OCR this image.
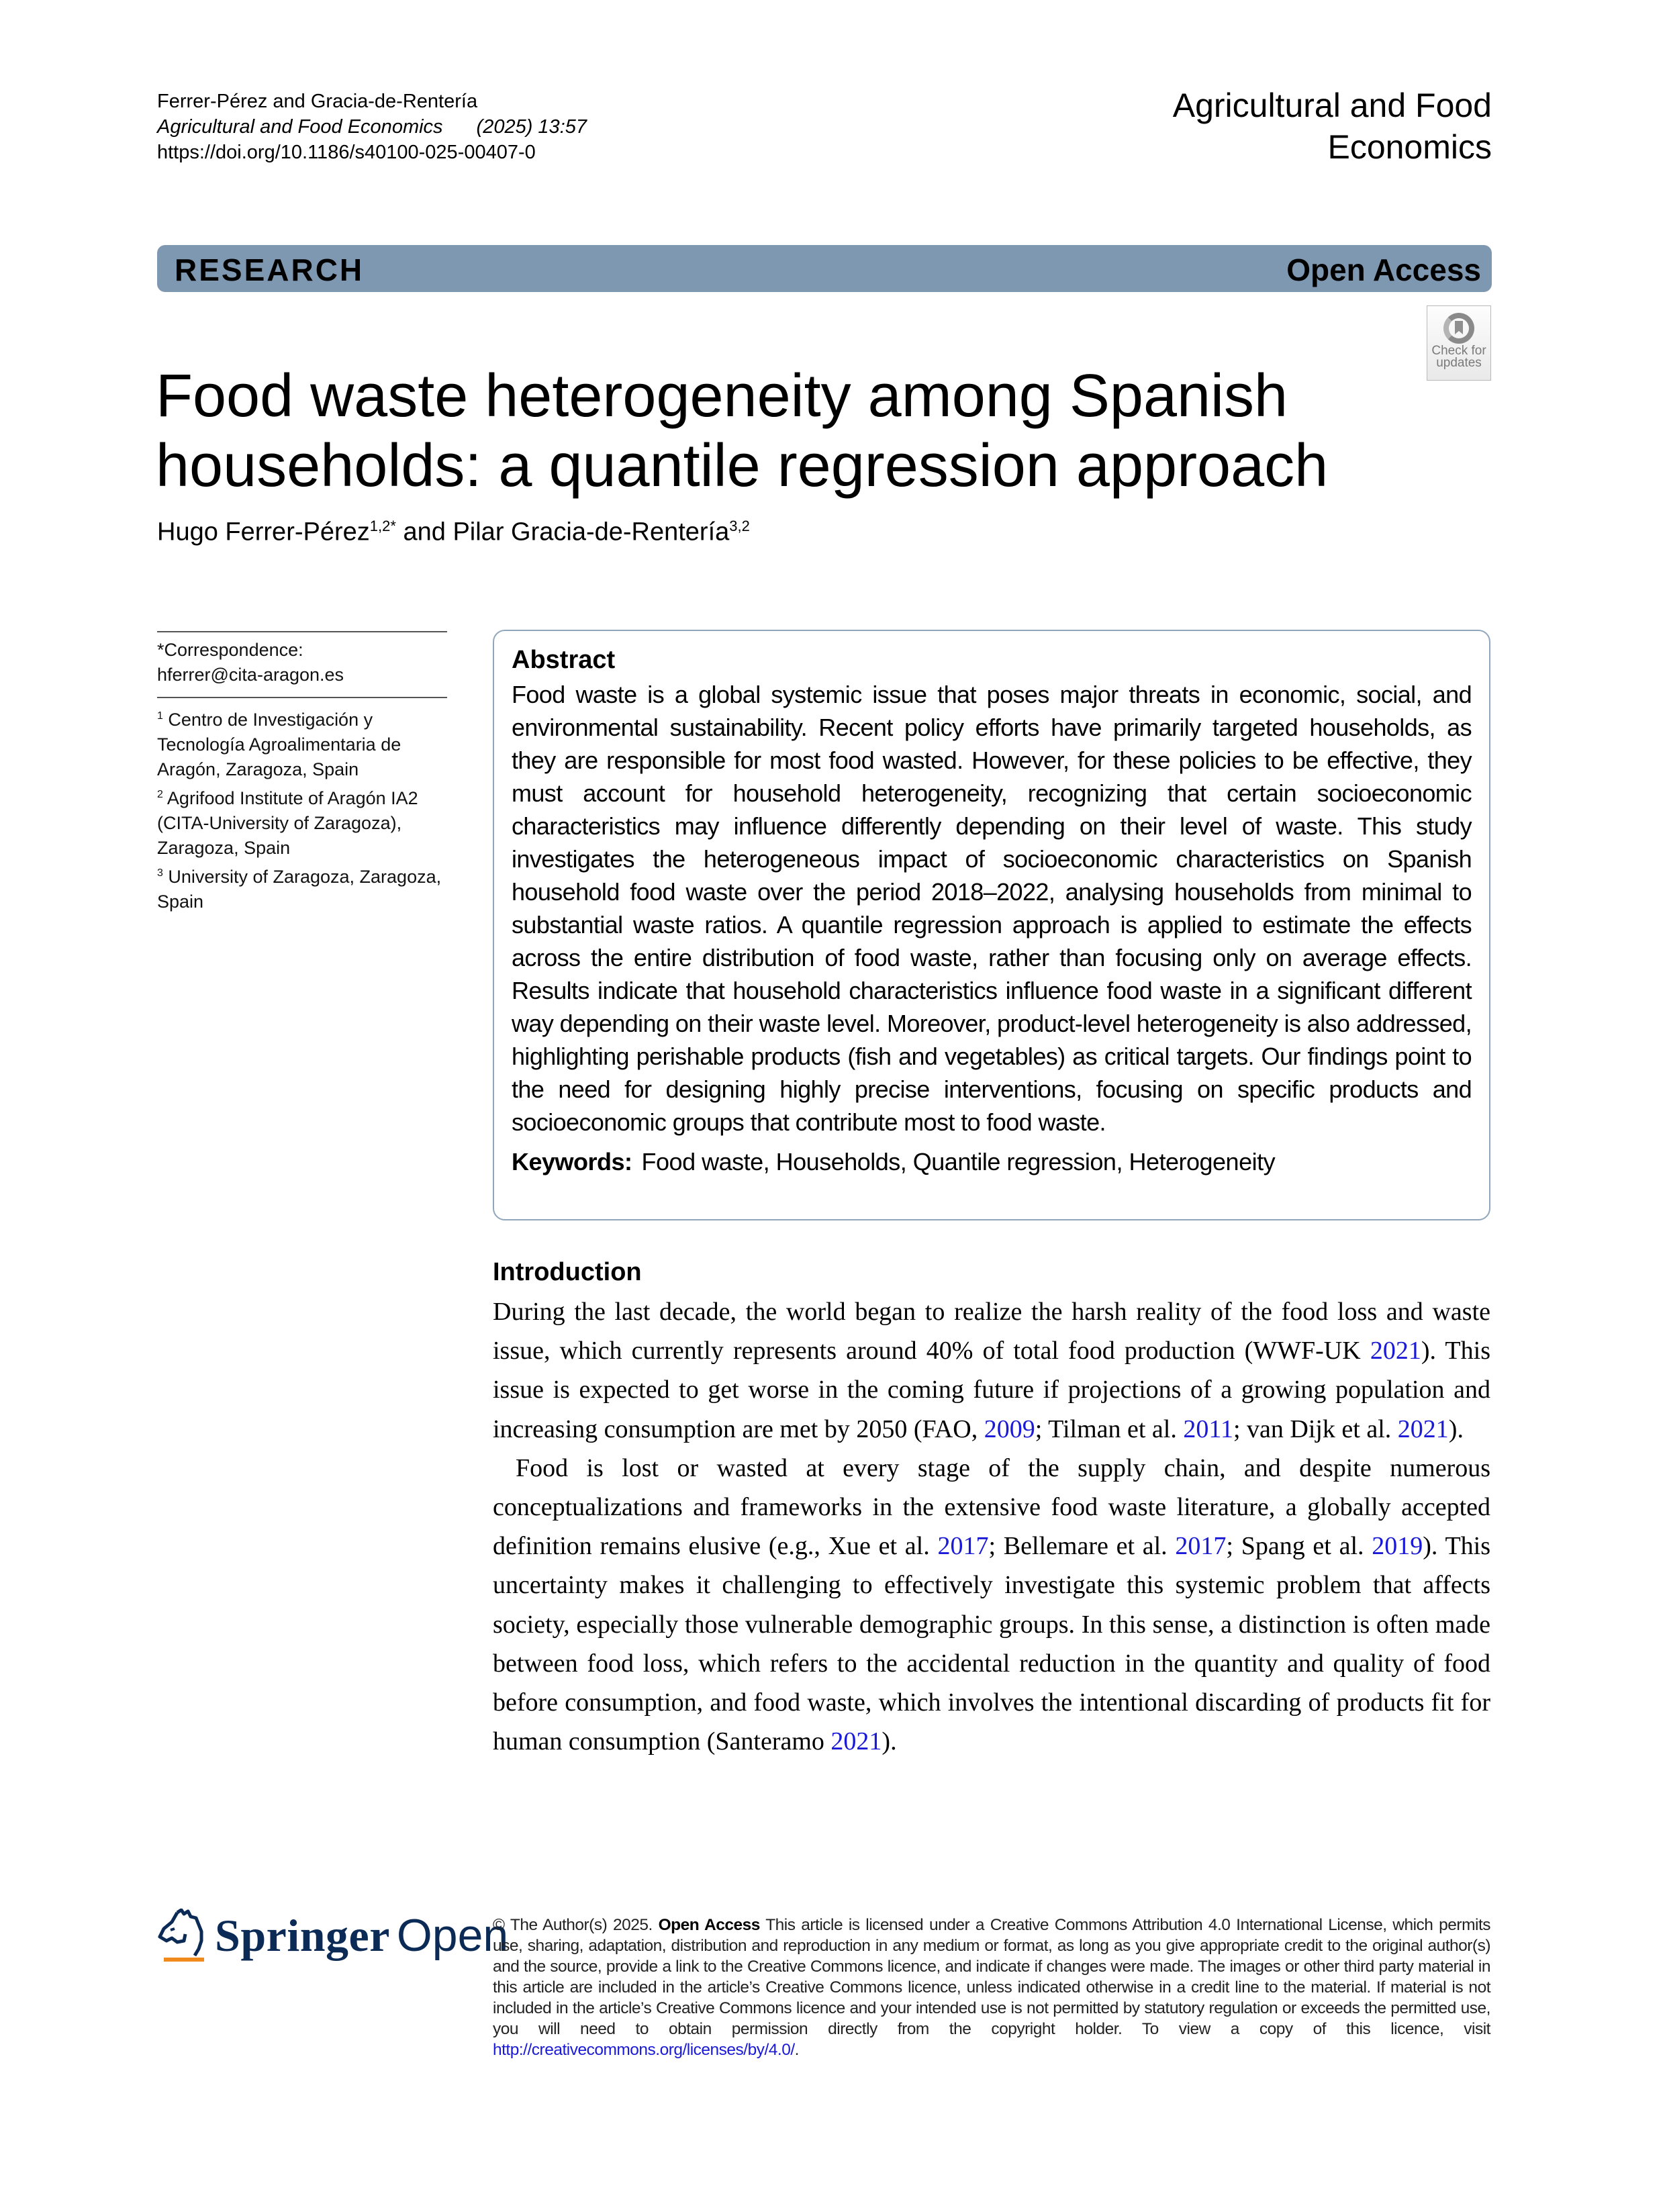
Ferrer-Pérez and Gracia-de-Rentería
Agricultural and Food Economics (2025) 13:57
https://doi.org/10.1186/s40100-025-00407-0
Agricultural and Food
Economics
RESEARCH	Open Access
Food waste heterogeneity among Spanish
households: a quantile regression approach
Check for
updates
Hugo Ferrer-Pérez$^{1,2*}$ and Pilar Gracia-de-Rentería$^{3,2}$
*Correspondence:
hferrer@cita-aragon.es
$^1$ Centro de Investigación y Tecnología Agroalimentaria de Aragón, Zaragoza, Spain
$^2$ Agrifood Institute of Aragón IA2 (CITA-University of Zaragoza), Zaragoza, Spain
$^3$ University of Zaragoza, Zaragoza, Spain
Abstract
Food waste is a global systemic issue that poses major threats in economic, social, and environmental sustainability. Recent policy efforts have primarily targeted households, as they are responsible for most food wasted. However, for these policies to be effective, they must account for household heterogeneity, recognizing that certain socioeconomic characteristics may influence differently depending on their level of waste. This study investigates the heterogeneous impact of socioeconomic characteristics on Spanish household food waste over the period 2018–2022, analysing households from minimal to substantial waste ratios. A quantile regression approach is applied to estimate the effects across the entire distribution of food waste, rather than focusing only on average effects. Results indicate that household characteristics influence food waste in a significant different way depending on their waste level. Moreover, product-level heterogeneity is also addressed, highlighting perishable products (fish and vegetables) as critical targets. Our findings point to the need for designing highly precise interventions, focusing on specific products and socioeconomic groups that contribute most to food waste.
Keywords: Food waste, Households, Quantile regression, Heterogeneity
Introduction

During the last decade, the world began to realize the harsh reality of the food loss and waste issue, which currently represents around 40% of total food production (WWF-UK 2021). This issue is expected to get worse in the coming future if projections of a growing population and increasing consumption are met by 2050 (FAO, 2009; Tilman et al. 2011; van Dijk et al. 2021).

Food is lost or wasted at every stage of the supply chain, and despite numerous conceptualizations and frameworks in the extensive food waste literature, a globally accepted definition remains elusive (e.g., Xue et al. 2017; Bellemare et al. 2017; Spang et al. 2019). This uncertainty makes it challenging to effectively investigate this systemic problem that affects society, especially those vulnerable demographic groups. In this sense, a distinction is often made between food loss, which refers to the accidental reduction in the quantity and quality of food before consumption, and food waste, which involves the intentional discarding of products fit for human consumption (Santeramo 2021).

Springer Open
© The Author(s) 2025. Open Access This article is licensed under a Creative Commons Attribution 4.0 International License, which permits use, sharing, adaptation, distribution and reproduction in any medium or format, as long as you give appropriate credit to the original author(s) and the source, provide a link to the Creative Commons licence, and indicate if changes were made. The images or other third party material in this article are included in the article’s Creative Commons licence, unless indicated otherwise in a credit line to the material. If material is not included in the article’s Creative Commons licence and your intended use is not permitted by statutory regulation or exceeds the permitted use, you will need to obtain permission directly from the copyright holder. To view a copy of this licence, visit http://creativecommons.org/licenses/by/4.0/.
